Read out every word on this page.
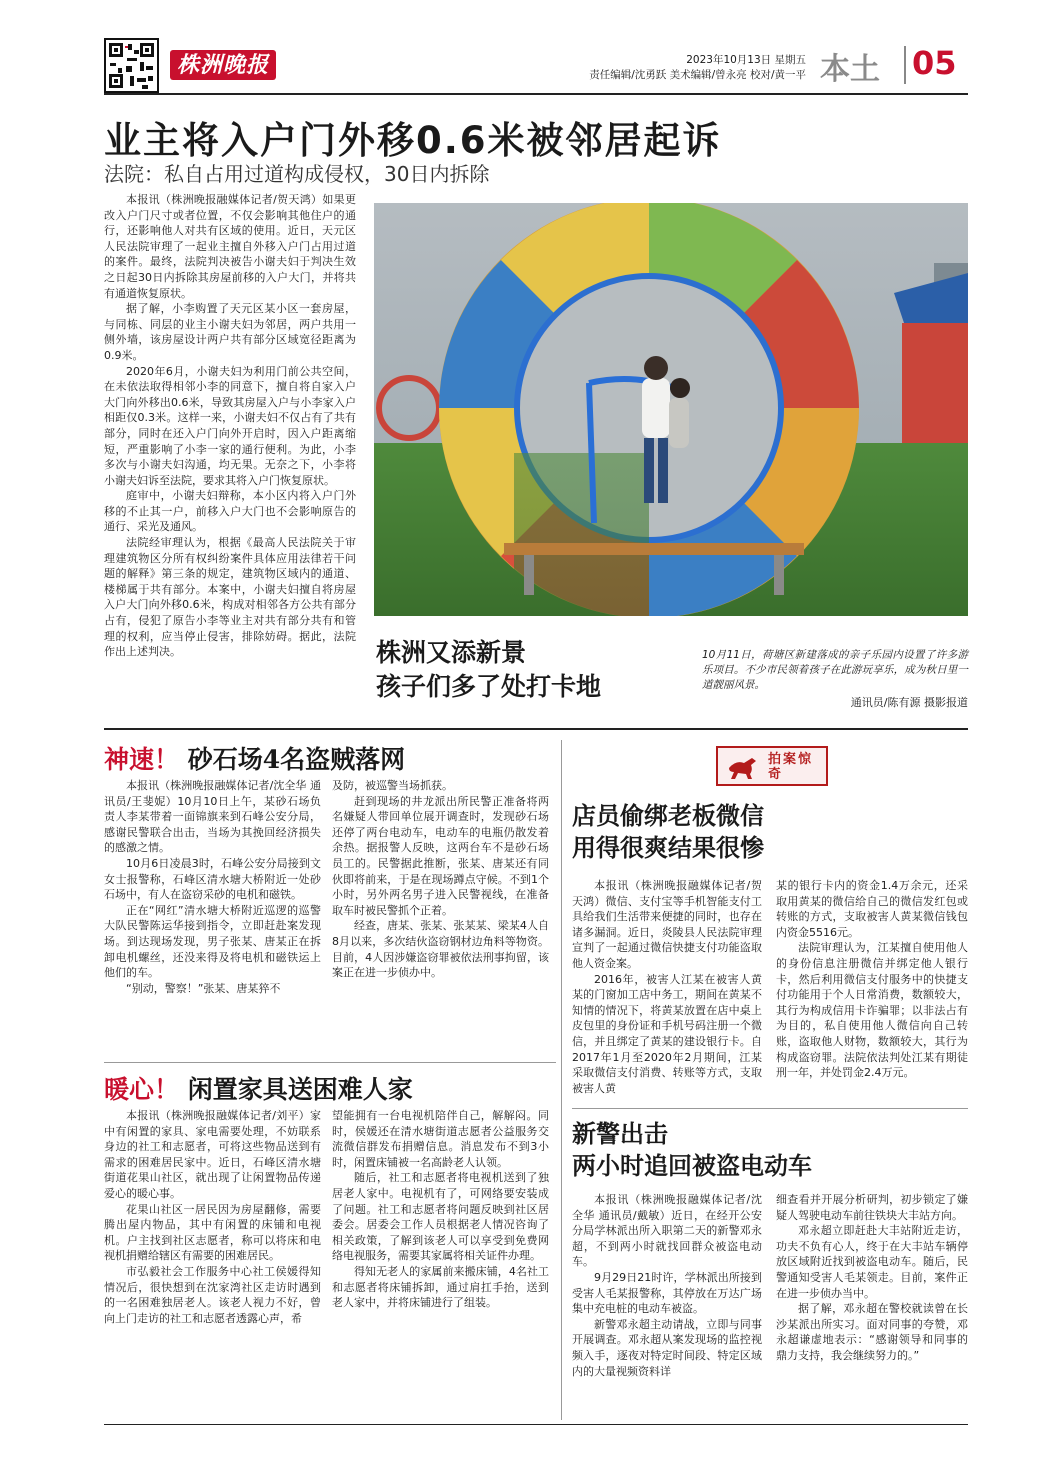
株洲晚报	2023年10月13日 星期五
责任编辑/沈勇跃 美术编辑/曾永亮 校对/黄一平 本土	05
业主将入户门外移0.6米被邻居起诉
法院：私自占用过道构成侵权，30日内拆除

本报讯（株洲晚报融媒体记者/贺天鸿）如果更改入户门尺寸或者位置，不仅会影响其他住户的通行，还影响他人对共有区域的使用。近日，天元区人民法院审理了一起业主擅自外移入户门占用过道的案件。最终，法院判决被告小谢夫妇于判决生效之日起30日内拆除其房屋前移的入户大门，并将共有通道恢复原状。

据了解，小李购置了天元区某小区一套房屋，与同栋、同层的业主小谢夫妇为邻居，两户共用一侧外墙，该房屋设计两户共有部分区域宽径距离为0.9米。

2020年6月，小谢夫妇为利用门前公共空间，在未依法取得相邻小李的同意下，擅自将自家入户大门向外移出0.6米，导致其房屋入户与小李家入户相距仅0.3米。这样一来，小谢夫妇不仅占有了共有部分，同时在还入户门向外开启时，因入户距离缩短，严重影响了小李一家的通行便利。为此，小李多次与小谢夫妇沟通，均无果。无奈之下，小李将小谢夫妇诉至法院，要求其将入户门恢复原状。

庭审中，小谢夫妇辩称，本小区内将入户门外移的不止其一户，前移入户大门也不会影响原告的通行、采光及通风。

法院经审理认为，根据《最高人民法院关于审理建筑物区分所有权纠纷案件具体应用法律若干问题的解释》第三条的规定，建筑物区域内的通道、楼梯属于共有部分。本案中，小谢夫妇擅自将房屋入户大门向外移0.6米，构成对相邻各方公共有部分占有，侵犯了原告小李等业主对共有部分共有和管理的权利，应当停止侵害，排除妨碍。据此，法院作出上述判决。	株洲又添新景
孩子们多了处打卡地
10月11日，荷塘区新建落成的亲子乐园内设置了许多游乐项目。不少市民领着孩子在此游玩享乐，成为秋日里一道靓丽风景。
通讯员/陈有源 摄影报道
神速！ 砂石场4名盗贼落网

本报讯（株洲晚报融媒体记者/沈全华 通讯员/王斐妮）10月10日上午，某砂石场负责人李某带着一面锦旗来到石峰公安分局，感谢民警联合出击，当场为其挽回经济损失的感激之情。

10月6日凌晨3时，石峰公安分局接到文女士报警称，石峰区清水塘大桥附近一处砂石场中，有人在盗窃采砂的电机和磁铁。

正在“网红”清水塘大桥附近巡逻的巡警大队民警陈运华接到指令，立即赶赴案发现场。到达现场发现，男子张某、唐某正在拆卸电机螺丝，还没来得及将电机和磁铁运上他们的车。

“别动，警察！”张某、唐某猝不

及防，被巡警当场抓获。

赶到现场的井龙派出所民警正准备将两名嫌疑人带回单位展开调查时，发现砂石场还停了两台电动车，电动车的电瓶仍散发着余热。据报警人反映，这两台车不是砂石场员工的。民警据此推断，张某、唐某还有同伙即将前来，于是在现场蹲点守候。不到1个小时，另外两名男子进入民警视线，在准备取车时被民警抓个正着。

经查，唐某、张某、张某某、梁某4人自8月以来，多次结伙盗窃钢材边角料等物资。目前，4人因涉嫌盗窃罪被依法刑事拘留，该案正在进一步侦办中。

暖心！ 闲置家具送困难人家

本报讯（株洲晚报融媒体记者/刘平）家中有闲置的家具、家电需要处理，不妨联系身边的社工和志愿者，可将这些物品送到有需求的困难居民家中。近日，石峰区清水塘街道花果山社区，就出现了让闲置物品传递爱心的暖心事。

花果山社区一居民因为房屋翻修，需要腾出屋内物品，其中有闲置的床铺和电视机。户主找到社区志愿者，称可以将床和电视机捐赠给辖区有需要的困难居民。

市弘毅社会工作服务中心社工侯媛得知情况后，很快想到在沈家湾社区走访时遇到的一名困难独居老人。该老人视力不好，曾向上门走访的社工和志愿者透露心声，希

望能拥有一台电视机陪伴自己，解解闷。同时，侯媛还在清水塘街道志愿者公益服务交流微信群发布捐赠信息。消息发布不到3小时，闲置床铺被一名高龄老人认领。

随后，社工和志愿者将电视机送到了独居老人家中。电视机有了，可网络要安装成了问题。社工和志愿者将问题反映到社区居委会。居委会工作人员根据老人情况咨询了相关政策，了解到该老人可以享受到免费网络电视服务，需要其家属将相关证件办理。

得知无老人的家属前来搬床铺，4名社工和志愿者将床铺拆卸，通过肩扛手抬，送到老人家中，并将床铺进行了组装。

拍案惊奇
店员偷绑老板微信
用得很爽结果很惨

本报讯（株洲晚报融媒体记者/贺天鸿）微信、支付宝等手机智能支付工具给我们生活带来便捷的同时，也存在诸多漏洞。近日，炎陵县人民法院审理宣判了一起通过微信快捷支付功能盗取他人资金案。

2016年，被害人江某在被害人黄某的门窗加工店中务工，期间在黄某不知情的情况下，将黄某放置在店中桌上皮包里的身份证和手机号码注册一个微信，并且绑定了黄某的建设银行卡。自2017年1月至2020年2月期间，江某采取微信支付消费、转账等方式，支取被害人黄

某的银行卡内的资金1.4万余元，还采取用黄某的微信给自己的微信发红包或转账的方式，支取被害人黄某微信钱包内资金5516元。

法院审理认为，江某擅自使用他人的身份信息注册微信并绑定他人银行卡，然后利用微信支付服务中的快捷支付功能用于个人日常消费，数额较大，其行为构成信用卡诈骗罪；以非法占有为目的，私自使用他人微信向自己转账，盗取他人财物，数额较大，其行为构成盗窃罪。法院依法判处江某有期徒刑一年，并处罚金2.4万元。

新警出击
两小时追回被盗电动车

本报讯（株洲晚报融媒体记者/沈全华 通讯员/戴敏）近日，在经开公安分局学林派出所入职第二天的新警邓永超，不到两小时就找回群众被盗电动车。

9月29日21时许，学林派出所接到受害人毛某报警称，其停放在万达广场集中充电桩的电动车被盗。

新警邓永超主动请战，立即与同事开展调查。邓永超从案发现场的监控视频入手，逐夜对特定时间段、特定区域内的大量视频资料详

细查看并开展分析研判，初步锁定了嫌疑人驾驶电动车前往铁块大丰站方向。

邓永超立即赶赴大丰站附近走访，功夫不负有心人，终于在大丰站车辆停放区域附近找到被盗电动车。随后，民警通知受害人毛某领走。目前，案件正在进一步侦办当中。

据了解，邓永超在警校就读曾在长沙某派出所实习。面对同事的夸赞，邓永超谦虚地表示：“感谢领导和同事的鼎力支持，我会继续努力的。”
